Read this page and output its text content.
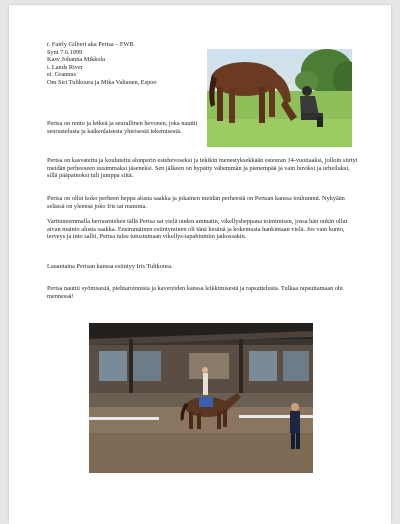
r. Fairly Gilbert aka Pertsa – FWB
Synt 7.6.1999
Kasv Johanna Mikkola
i. Lands River
ei. Grannus
Om Siri Tulikoura ja Mika Valtanen, Espoo

Pertsa on rento ja letkeä ja seurallinen hevonen, joka nauttii seurustelusta ja kaikenlaisesta yhteisestä tekemisestä.

Pertsa on kasvatettu ja koulutettu alunperin estehevoseksi ja tekikin menestyksekkään esteuran 14-vuotiaaksi, jolloin siirtyi meidän perheeseen uusimmaksi jäseneksi. Sen jälkeen on hypätty vähemmän ja pienempää ja vain huviksi ja urheiluksi, sillä pääpainoksi tuli jumppa siitä.

Pertsa on ollut koko perheen heppa alusta saakka ja jokainen meidän perheestä on Pertsan kanssa touhunnut. Nykyään selässä on yleensä joko Iris tai mamma.

Varttuneemmalla herrasmiehen tällä Pertsa sai vielä uuden ammatin, vikellysheppana toimimisen, jossa hän onkin ollut aivan mainio alusta saakka. Ensimmäinen esiintyminen oli tänä kesänä ja kokemusta hankintaan vielä. Jos vain kunto, terveys ja into sallii, Pertsa tulee tutustumaan vikellys-tapahtumiin jatkossakin.

Lauantaina Pertsan kanssa esiintyy Iris Tulikoura.

Pertsa nauttii syömisestä, piehtaroinnista ja kavereiden kanssa leikkimisestä ja rapsuttelusta. Tulkaa rapsuttamaan ohi mennessä!
